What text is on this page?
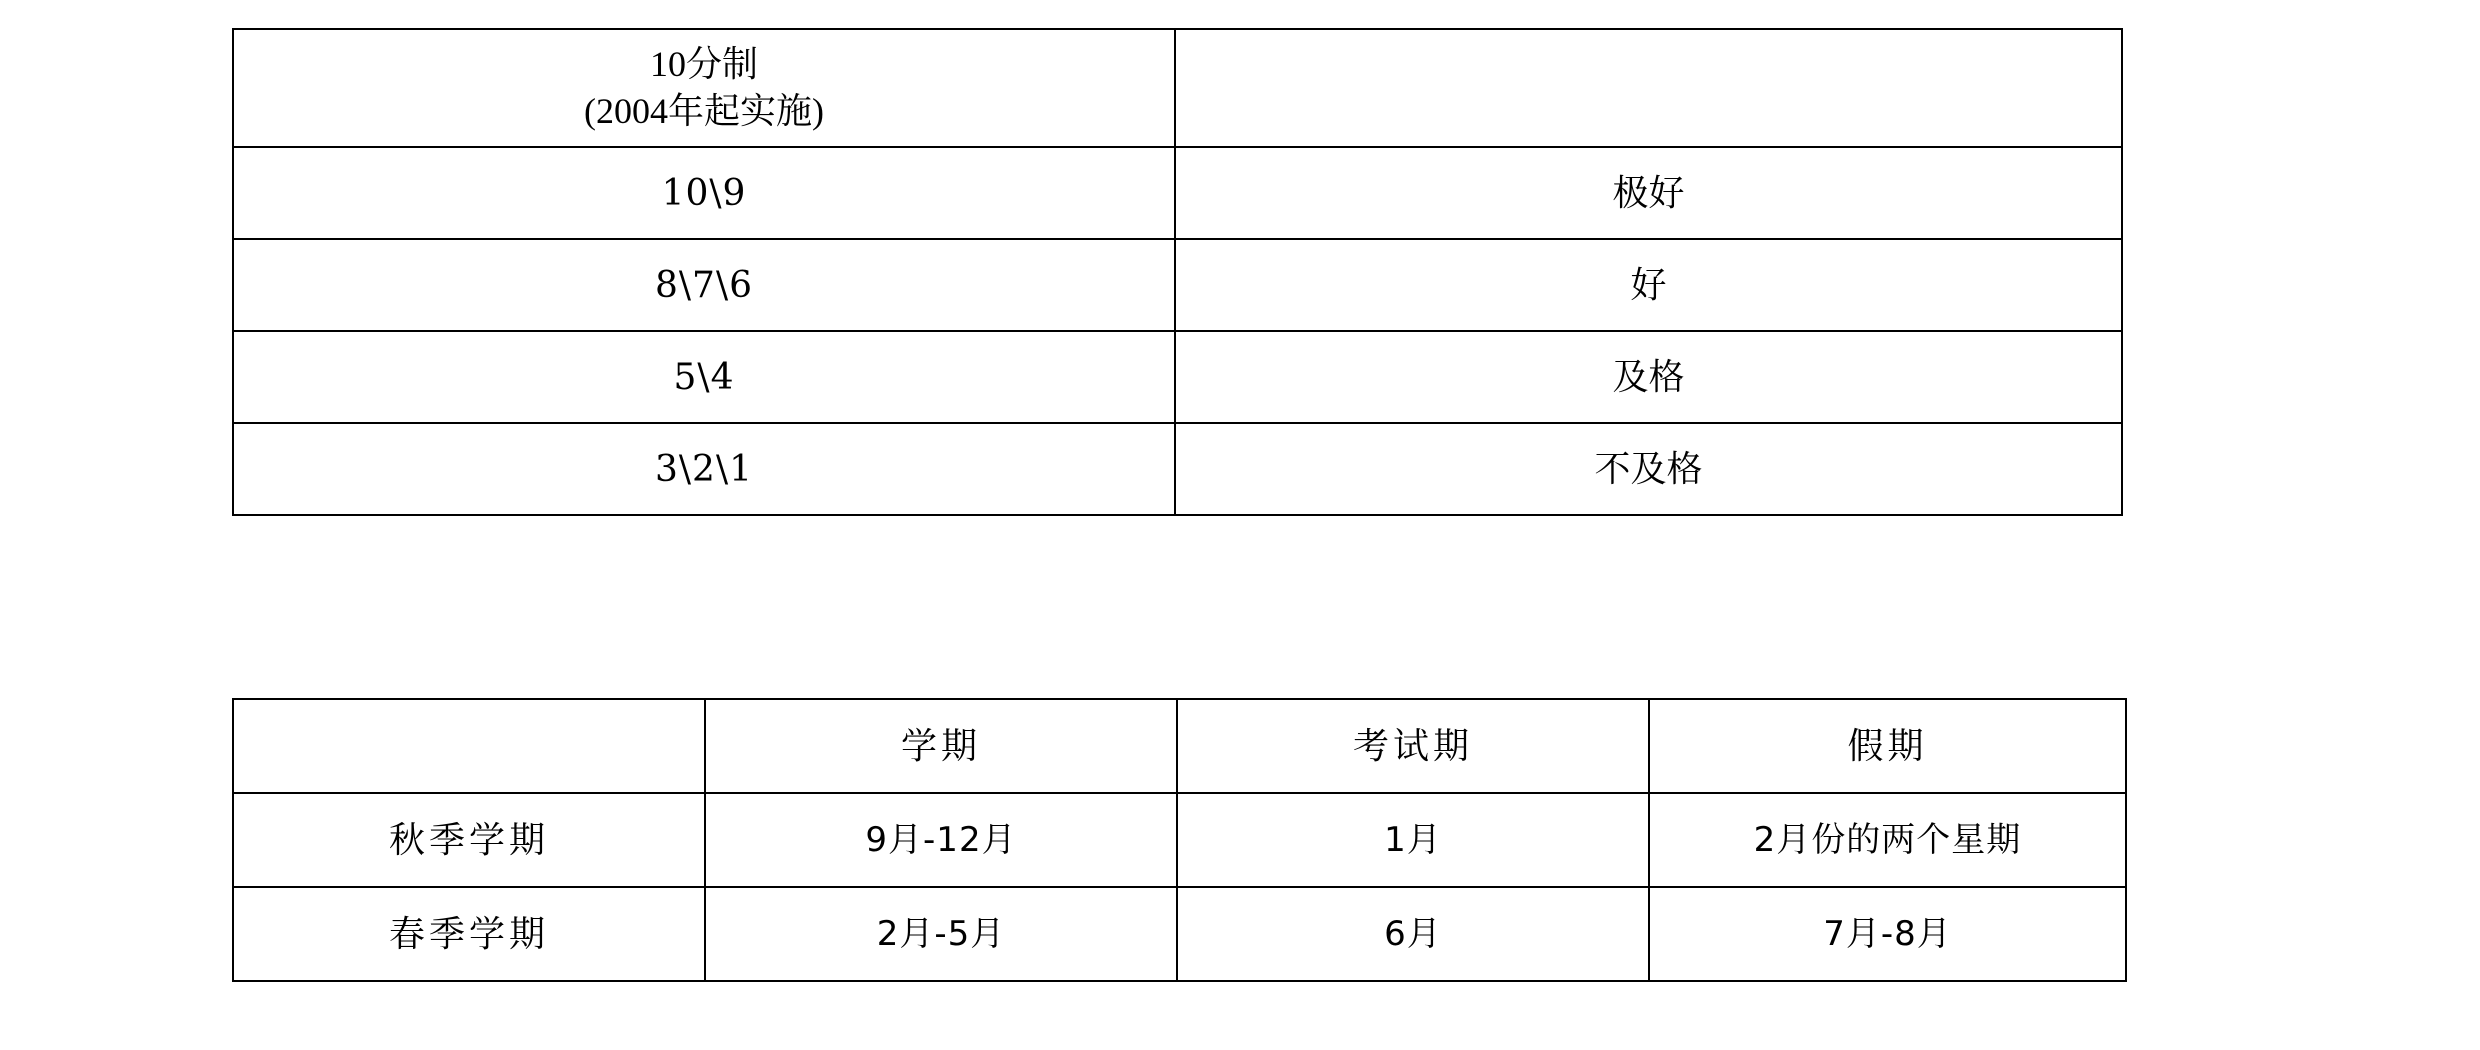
10分制
(2004年起实施)	

10\9	极好
8\7\6	好
5\4	及格
3\2\1	不及格
	学期	考试期	假期
秋季学期	9月-12月	1月	2月份的两个星期
春季学期	2月-5月	6月	7月-8月
